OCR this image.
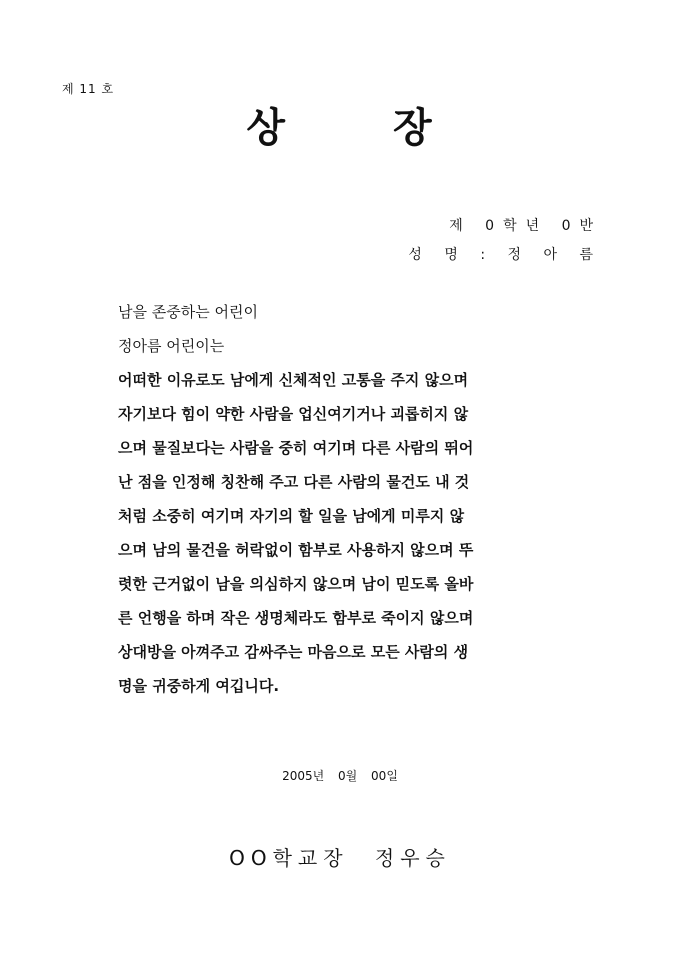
제 11 호
상 장
제 0학년 0반
성 명 : 정 아 름
남을 존중하는 어린이
정아름 어린이는
어떠한 이유로도 남에게 신체적인 고통을 주지 않으며
자기보다 힘이 약한 사람을 업신여기거나 괴롭히지 않
으며 물질보다는 사람을 중히 여기며 다른 사람의 뛰어
난 점을 인정해 칭찬해 주고 다른 사람의 물건도 내 것
처럼 소중히 여기며 자기의 할 일을 남에게 미루지 않
으며 남의 물건을 허락없이 함부로 사용하지 않으며 뚜
렷한 근거없이 남을 의심하지 않으며 남이 믿도록 올바
른 언행을 하며 작은 생명체라도 함부로 죽이지 않으며
상대방을 아껴주고 감싸주는 마음으로 모든 사람의 생
명을 귀중하게 여깁니다.
2005년 0월 00일
OO학교장 정우승
